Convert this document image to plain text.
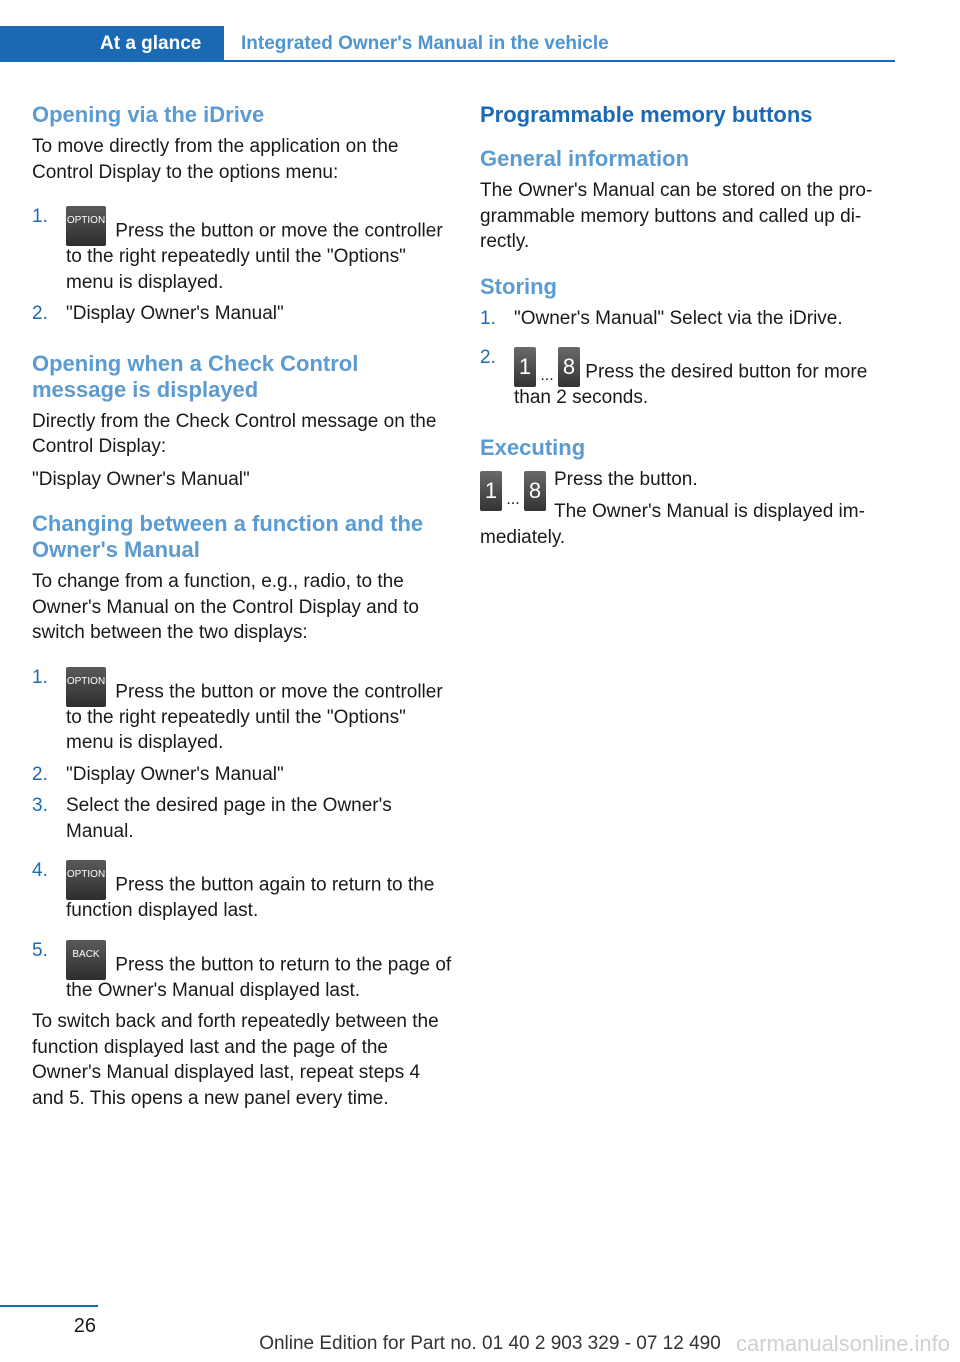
At a glance	Integrated Owner's Manual in the vehicle
Opening via the iDrive
To move directly from the application on the Control Display to the options menu:
1. OPTION Press the button or move the controller to the right repeatedly until the "Options" menu is displayed.
2. "Display Owner's Manual"
Opening when a Check Control message is displayed
Directly from the Check Control message on the Control Display:
"Display Owner's Manual"
Changing between a function and the Owner's Manual
To change from a function, e.g., radio, to the Owner's Manual on the Control Display and to switch between the two displays:
1. OPTION Press the button or move the controller to the right repeatedly until the "Options" menu is displayed.
2. "Display Owner's Manual"
3. Select the desired page in the Owner's Manual.
4. OPTION Press the button again to return to the function displayed last.
5. BACK Press the button to return to the page of the Owner's Manual displayed last.
To switch back and forth repeatedly between the function displayed last and the page of the Owner's Manual displayed last, repeat steps 4 and 5. This opens a new panel every time.
Programmable memory buttons
General information
The Owner's Manual can be stored on the pro‐grammable memory buttons and called up di‐rectly.
Storing
1. "Owner's Manual" Select via the iDrive.
2. 1 ... 8 Press the desired button for more than 2 seconds.
Executing
1 ... 8 Press the button.
The Owner's Manual is displayed im‐mediately.
26
Online Edition for Part no. 01 40 2 903 329 - 07 12 490 carmanualsonline.info
